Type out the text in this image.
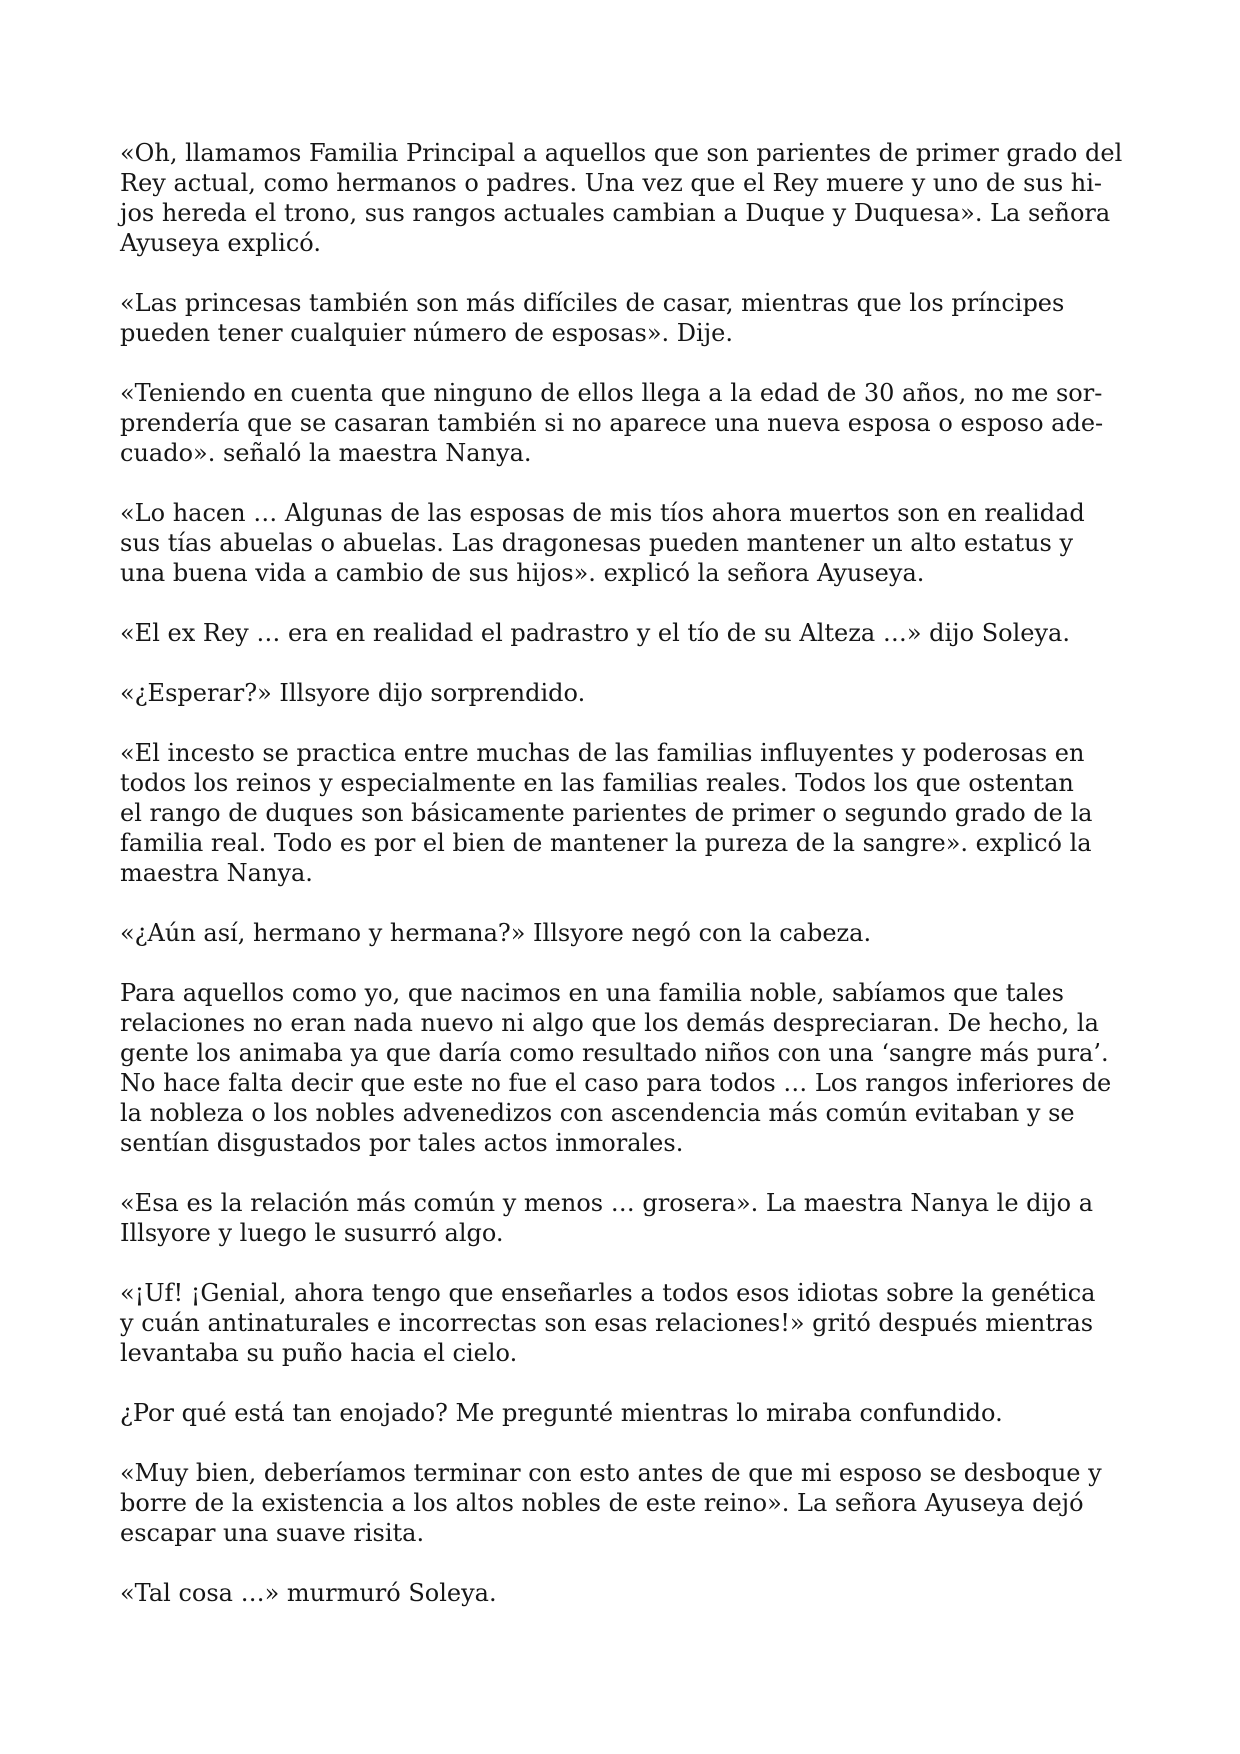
«Oh, llamamos Familia Principal a aquellos que son parientes de primer grado del
Rey actual, como hermanos o padres. Una vez que el Rey muere y uno de sus hi-
jos hereda el trono, sus rangos actuales cambian a Duque y Duquesa». La señora
Ayuseya explicó.

«Las princesas también son más difíciles de casar, mientras que los príncipes
pueden tener cualquier número de esposas». Dije.

«Teniendo en cuenta que ninguno de ellos llega a la edad de 30 años, no me sor-
prendería que se casaran también si no aparece una nueva esposa o esposo ade-
cuado». señaló la maestra Nanya.

«Lo hacen … Algunas de las esposas de mis tíos ahora muertos son en realidad
sus tías abuelas o abuelas. Las dragonesas pueden mantener un alto estatus y
una buena vida a cambio de sus hijos». explicó la señora Ayuseya.

«El ex Rey … era en realidad el padrastro y el tío de su Alteza …» dijo Soleya.

«¿Esperar?» Illsyore dijo sorprendido.

«El incesto se practica entre muchas de las familias influyentes y poderosas en
todos los reinos y especialmente en las familias reales. Todos los que ostentan
el rango de duques son básicamente parientes de primer o segundo grado de la
familia real. Todo es por el bien de mantener la pureza de la sangre». explicó la
maestra Nanya.

«¿Aún así, hermano y hermana?» Illsyore negó con la cabeza.

Para aquellos como yo, que nacimos en una familia noble, sabíamos que tales
relaciones no eran nada nuevo ni algo que los demás despreciaran. De hecho, la
gente los animaba ya que daría como resultado niños con una ‘sangre más pura’.
No hace falta decir que este no fue el caso para todos … Los rangos inferiores de
la nobleza o los nobles advenedizos con ascendencia más común evitaban y se
sentían disgustados por tales actos inmorales.

«Esa es la relación más común y menos … grosera». La maestra Nanya le dijo a
Illsyore y luego le susurró algo.

«¡Uf! ¡Genial, ahora tengo que enseñarles a todos esos idiotas sobre la genética
y cuán antinaturales e incorrectas son esas relaciones!» gritó después mientras
levantaba su puño hacia el cielo.

¿Por qué está tan enojado? Me pregunté mientras lo miraba confundido.

«Muy bien, deberíamos terminar con esto antes de que mi esposo se desboque y
borre de la existencia a los altos nobles de este reino». La señora Ayuseya dejó
escapar una suave risita.

«Tal cosa …» murmuró Soleya.
